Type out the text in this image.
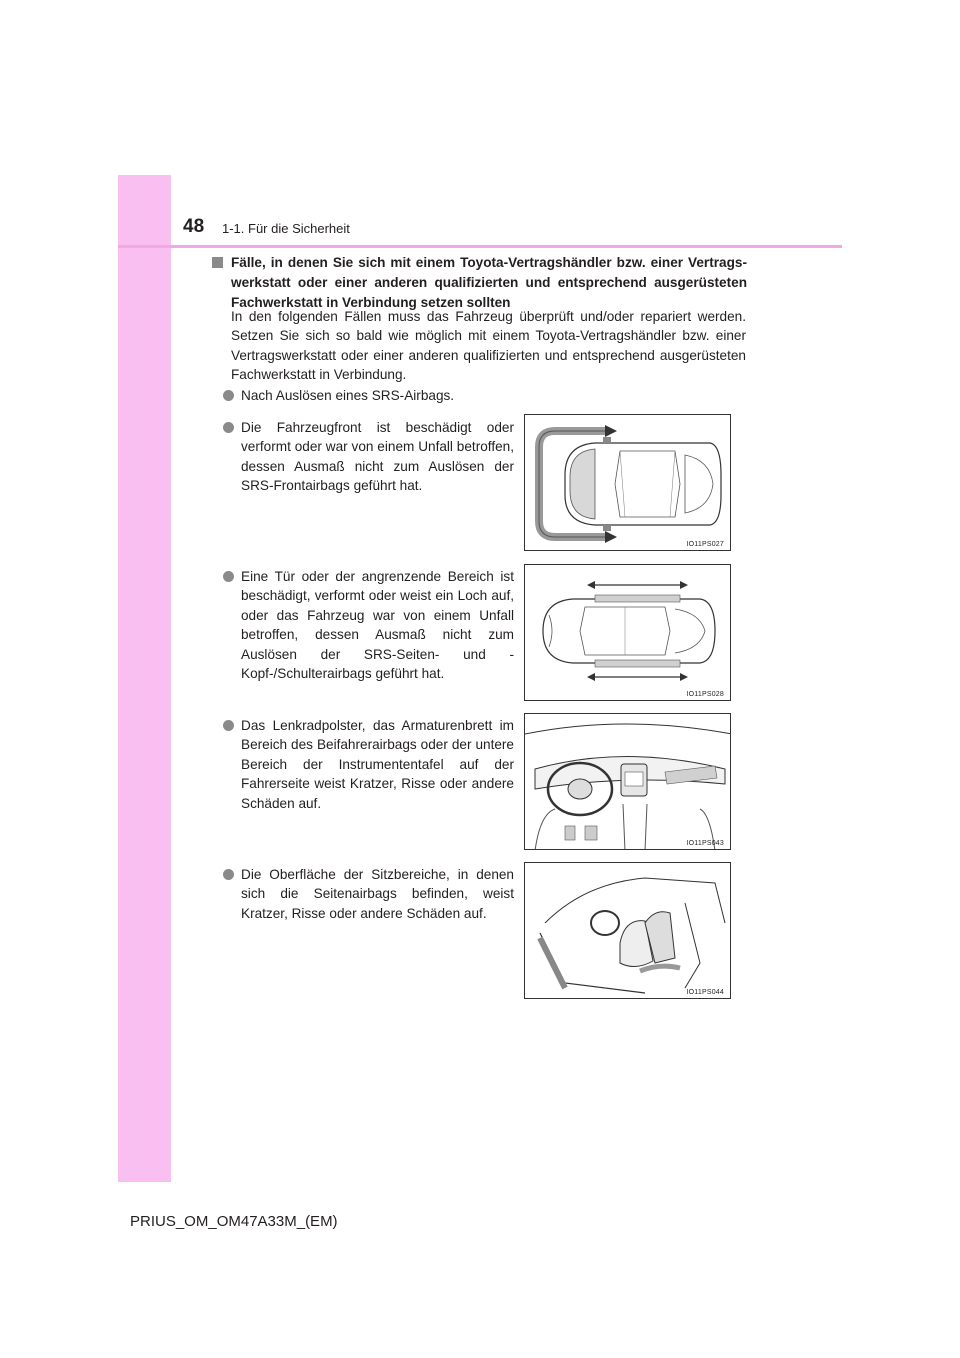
48 1-1. Für die Sicherheit
Fälle, in denen Sie sich mit einem Toyota-Vertragshändler bzw. einer Vertragswerkstatt oder einer anderen qualifizierten und entsprechend ausgerüsteten Fachwerkstatt in Verbindung setzen sollten
In den folgenden Fällen muss das Fahrzeug überprüft und/oder repariert werden. Setzen Sie sich so bald wie möglich mit einem Toyota-Vertragshändler bzw. einer Vertragswerkstatt oder einer anderen qualifizierten und entsprechend ausgerüsteten Fachwerkstatt in Verbindung.
Nach Auslösen eines SRS-Airbags.
Die Fahrzeugfront ist beschädigt oder verformt oder war von einem Unfall betroffen, dessen Ausmaß nicht zum Auslösen der SRS-Frontairbags geführt hat.
Eine Tür oder der angrenzende Bereich ist beschädigt, verformt oder weist ein Loch auf, oder das Fahrzeug war von einem Unfall betroffen, dessen Ausmaß nicht zum Auslösen der SRS-Seiten- und -Kopf-/Schulterairbags geführt hat.
Das Lenkradpolster, das Armaturenbrett im Bereich des Beifahrerairbags oder der untere Bereich der Instrumententafel auf der Fahrerseite weist Kratzer, Risse oder andere Schäden auf.
Die Oberfläche der Sitzbereiche, in denen sich die Seitenairbags befinden, weist Kratzer, Risse oder andere Schäden auf.
IO11PS027
IO11PS028
IO11PS043
IO11PS044
PRIUS_OM_OM47A33M_(EM)
